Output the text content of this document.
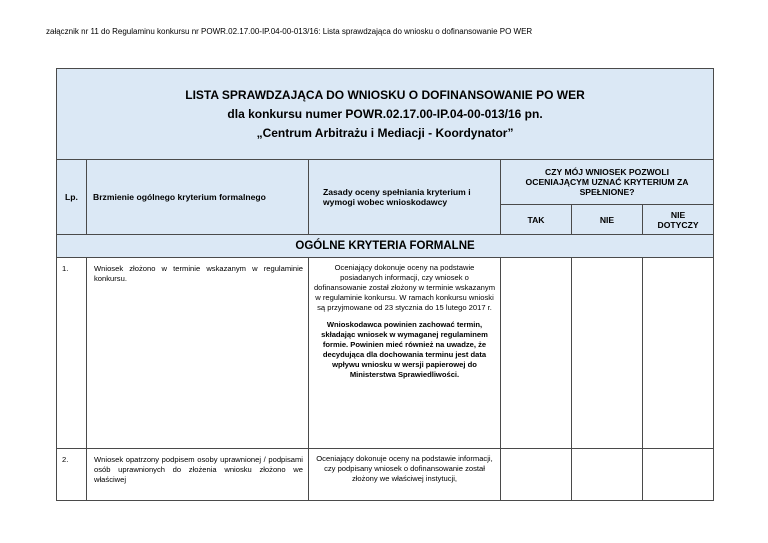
załącznik nr 11 do Regulaminu konkursu nr POWR.02.17.00-IP.04-00-013/16: Lista sprawdzająca do wniosku o dofinansowanie PO WER
LISTA SPRAWDZAJĄCA DO WNIOSKU O DOFINANSOWANIE PO WER
dla konkursu numer POWR.02.17.00-IP.04-00-013/16 pn.
„Centrum Arbitrażu i Mediacji - Koordynator”					

Lp.	Brzmienie ogólnego kryterium formalnego	Zasady oceny spełniania kryterium i wymogi wobec wnioskodawcy	CZY MÓJ WNIOSEK POZWOLI OCENIAJĄCYM UZNAĆ KRYTERIUM ZA SPEŁNIONE?		
			TAK	NIE	NIE DOTYCZY
OGÓLNE KRYTERIA FORMALNE					
1.	Wniosek złożono w terminie wskazanym w regulaminie konkursu.	Oceniający dokonuje oceny na podstawie posiadanych informacji, czy wniosek o dofinansowanie został złożony w terminie wskazanym w regulaminie konkursu. W ramach konkursu wnioski są przyjmowane od 23 stycznia do 15 lutego 2017 r.

Wnioskodawca powinien zachować termin, składając wniosek w wymaganej regulaminem formie. Powinien mieć również na uwadze, że decydująca dla dochowania terminu jest data wpływu wniosku w wersji papierowej do Ministerstwa Sprawiedliwości.			

2.	Wniosek opatrzony podpisem osoby uprawnionej / podpisami osób uprawnionych do złożenia wniosku złożono we właściwej	Oceniający dokonuje oceny na podstawie informacji, czy podpisany wniosek o dofinansowanie został złożony we właściwej instytucji,			
